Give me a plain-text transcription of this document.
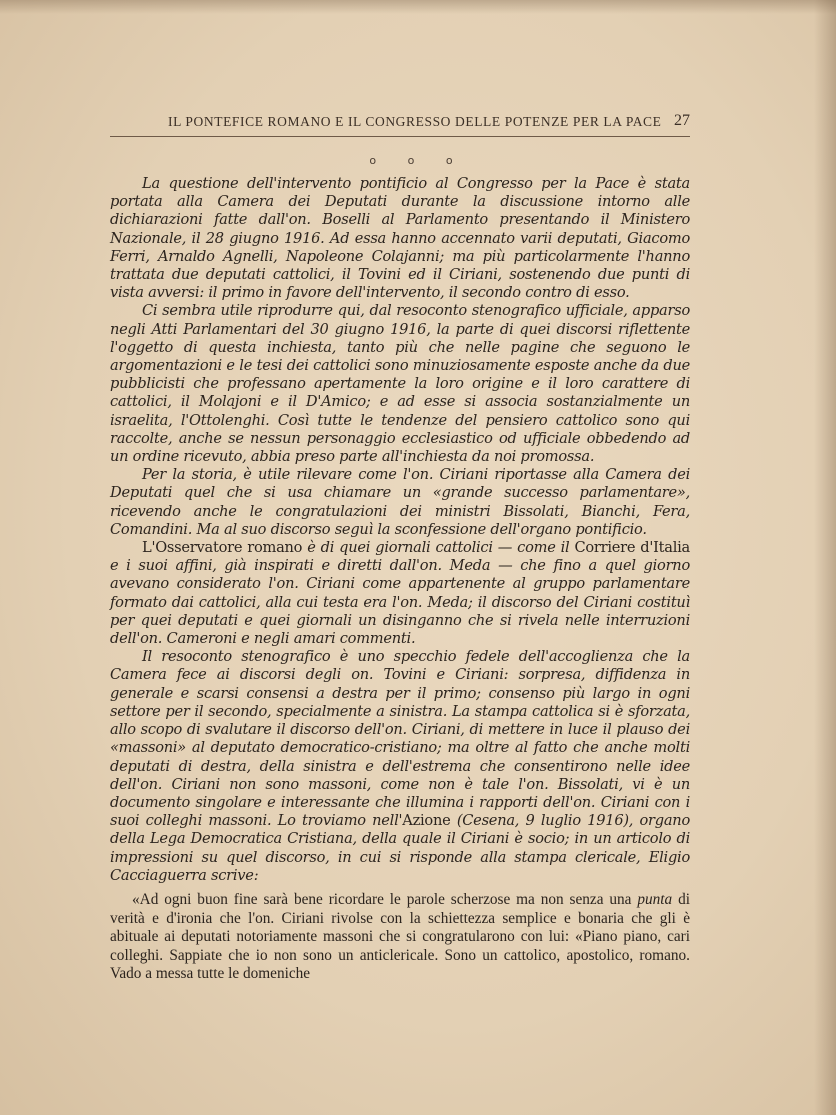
IL PONTEFICE ROMANO E IL CONGRESSO DELLE POTENZE PER LA PACE 27
o o o

La questione dell'intervento pontificio al Congresso per la Pace è stata portata alla Camera dei Deputati durante la discussione intorno alle dichiarazioni fatte dall'on. Boselli al Parlamento presentando il Ministero Nazionale, il 28 giugno 1916. Ad essa hanno accennato varii deputati, Giacomo Ferri, Arnaldo Agnelli, Napoleone Colajanni; ma più particolarmente l'hanno trattata due deputati cattolici, il Tovini ed il Ciriani, sostenendo due punti di vista avversi: il primo in favore dell'intervento, il secondo contro di esso.

Ci sembra utile riprodurre qui, dal resoconto stenografico ufficiale, apparso negli Atti Parlamentari del 30 giugno 1916, la parte di quei discorsi riflettente l'oggetto di questa inchiesta, tanto più che nelle pagine che seguono le argomentazioni e le tesi dei cattolici sono minuziosamente esposte anche da due pubblicisti che professano apertamente la loro origine e il loro carattere di cattolici, il Molajoni e il D'Amico; e ad esse si associa sostanzialmente un israelita, l'Ottolenghi. Così tutte le tendenze del pensiero cattolico sono qui raccolte, anche se nessun personaggio ecclesiastico od ufficiale obbedendo ad un ordine ricevuto, abbia preso parte all'inchiesta da noi promossa.

Per la storia, è utile rilevare come l'on. Ciriani riportasse alla Camera dei Deputati quel che si usa chiamare un «grande successo parlamentare», ricevendo anche le congratulazioni dei ministri Bissolati, Bianchi, Fera, Comandini. Ma al suo discorso seguì la sconfessione dell'organo pontificio.

L'Osservatore romano è di quei giornali cattolici — come il Corriere d'Italia e i suoi affini, già inspirati e diretti dall'on. Meda — che fino a quel giorno avevano considerato l'on. Ciriani come appartenente al gruppo parlamentare formato dai cattolici, alla cui testa era l'on. Meda; il discorso del Ciriani costituì per quei deputati e quei giornali un disinganno che si rivela nelle interruzioni dell'on. Cameroni e negli amari commenti.

Il resoconto stenografico è uno specchio fedele dell'accoglienza che la Camera fece ai discorsi degli on. Tovini e Ciriani: sorpresa, diffidenza in generale e scarsi consensi a destra per il primo; consenso più largo in ogni settore per il secondo, specialmente a sinistra. La stampa cattolica si è sforzata, allo scopo di svalutare il discorso dell'on. Ciriani, di mettere in luce il plauso dei «massoni» al deputato democratico-cristiano; ma oltre al fatto che anche molti deputati di destra, della sinistra e dell'estrema che consentirono nelle idee dell'on. Ciriani non sono massoni, come non è tale l'on. Bissolati, vi è un documento singolare e interessante che illumina i rapporti dell'on. Ciriani con i suoi colleghi massoni. Lo troviamo nell'Azione (Cesena, 9 luglio 1916), organo della Lega Democratica Cristiana, della quale il Ciriani è socio; in un articolo di impressioni su quel discorso, in cui si risponde alla stampa clericale, Eligio Cacciaguerra scrive:

«Ad ogni buon fine sarà bene ricordare le parole scherzose ma non senza una punta di verità e d'ironia che l'on. Ciriani rivolse con la schiettezza semplice e bonaria che gli è abituale ai deputati notoriamente massoni che si congratularono con lui: «Piano piano, cari colleghi. Sappiate che io non sono un anticlericale. Sono un cattolico, apostolico, romano. Vado a messa tutte le domeniche
